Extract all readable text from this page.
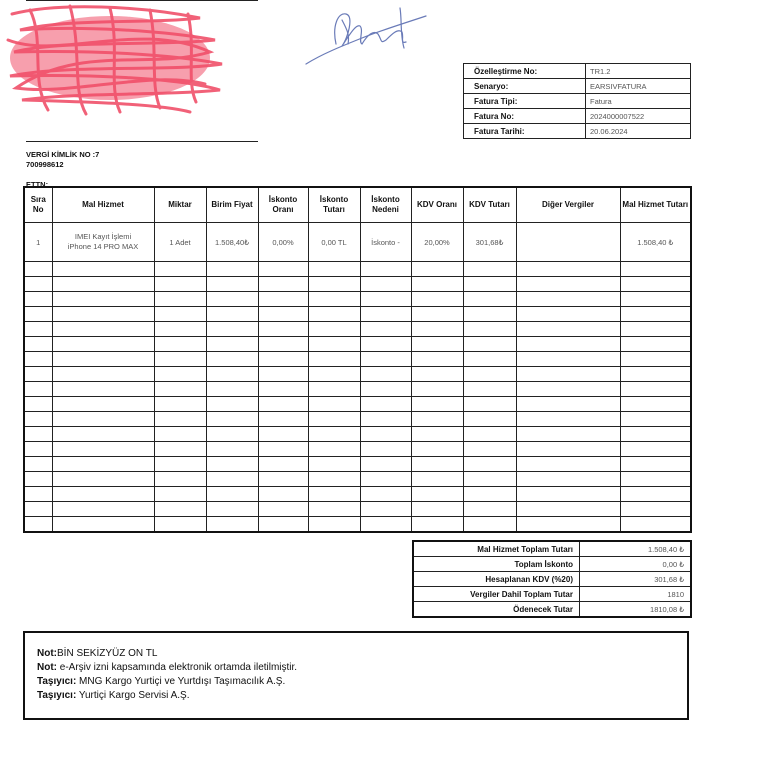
Özelleştirme No:	TR1.2
Senaryo:	EARSIVFATURA
Fatura Tipi:	Fatura
Fatura No:	2024000007522
Fatura Tarihi:	20.06.2024
VERGİ KİMLİK NO :7
700998612
ETTN:
Sıra No	Mal Hizmet	Miktar	Birim Fiyat	İskonto Oranı	İskonto Tutarı	İskonto Nedeni	KDV Oranı	KDV Tutarı	Diğer Vergiler	Mal Hizmet Tutarı
1	IMEI Kayıt İşlemi
iPhone 14 PRO MAX	1 Adet	1.508,40₺	0,00%	0,00 TL	İskonto -	20,00%	301,68₺		1.508,40 ₺

Mal Hizmet Toplam Tutarı	1.508,40 ₺
Toplam İskonto	0,00 ₺
Hesaplanan KDV (%20)	301,68 ₺
Vergiler Dahil Toplam Tutar	1810
Ödenecek Tutar	1810,08 ₺
Not:BİN SEKİZYÜZ ON TL
Not: e-Arşiv izni kapsamında elektronik ortamda iletilmiştir.
Taşıyıcı: MNG Kargo Yurtiçi ve Yurtdışı Taşımacılık A.Ş.
Taşıyıcı: Yurtiçi Kargo Servisi A.Ş.
